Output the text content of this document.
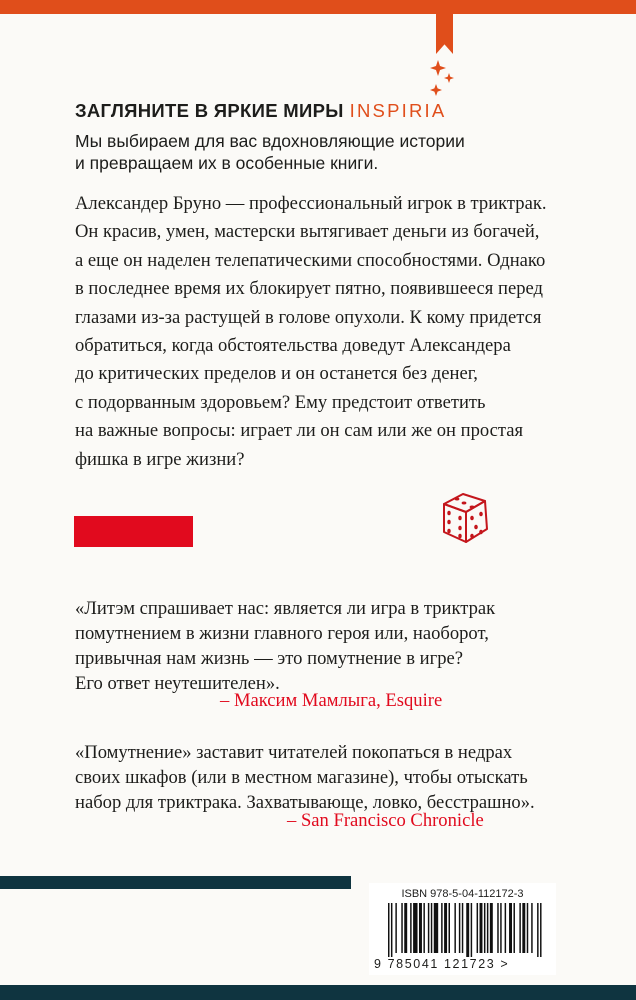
ЗАГЛЯНИТЕ В ЯРКИЕ МИРЫ INSPIRIA
Мы выбираем для вас вдохновляющие истории
и превращаем их в особенные книги.
Александер Бруно — профессиональный игрок в триктрак.
Он красив, умен, мастерски вытягивает деньги из богачей,
а еще он наделен телепатическими способностями. Однако
в последнее время их блокирует пятно, появившееся перед
глазами из-за растущей в голове опухоли. К кому придется
обратиться, когда обстоятельства доведут Александера
до критических пределов и он останется без денег,
с подорванным здоровьем? Ему предстоит ответить
на важные вопросы: играет ли он сам или же он простая
фишка в игре жизни?
«Литэм спрашивает нас: является ли игра в триктрак
помутнением в жизни главного героя или, наоборот,
привычная нам жизнь — это помутнение в игре?
Его ответ неутешителен».
– Максим Мамлыга, Esquire
«Помутнение» заставит читателей покопаться в недрах
своих шкафов (или в местном магазине), чтобы отыскать
набор для триктрака. Захватывающе, ловко, бесстрашно».
– San Francisco Chronicle
ISBN 978-5-04-112172-3
9 785041 121723 >
